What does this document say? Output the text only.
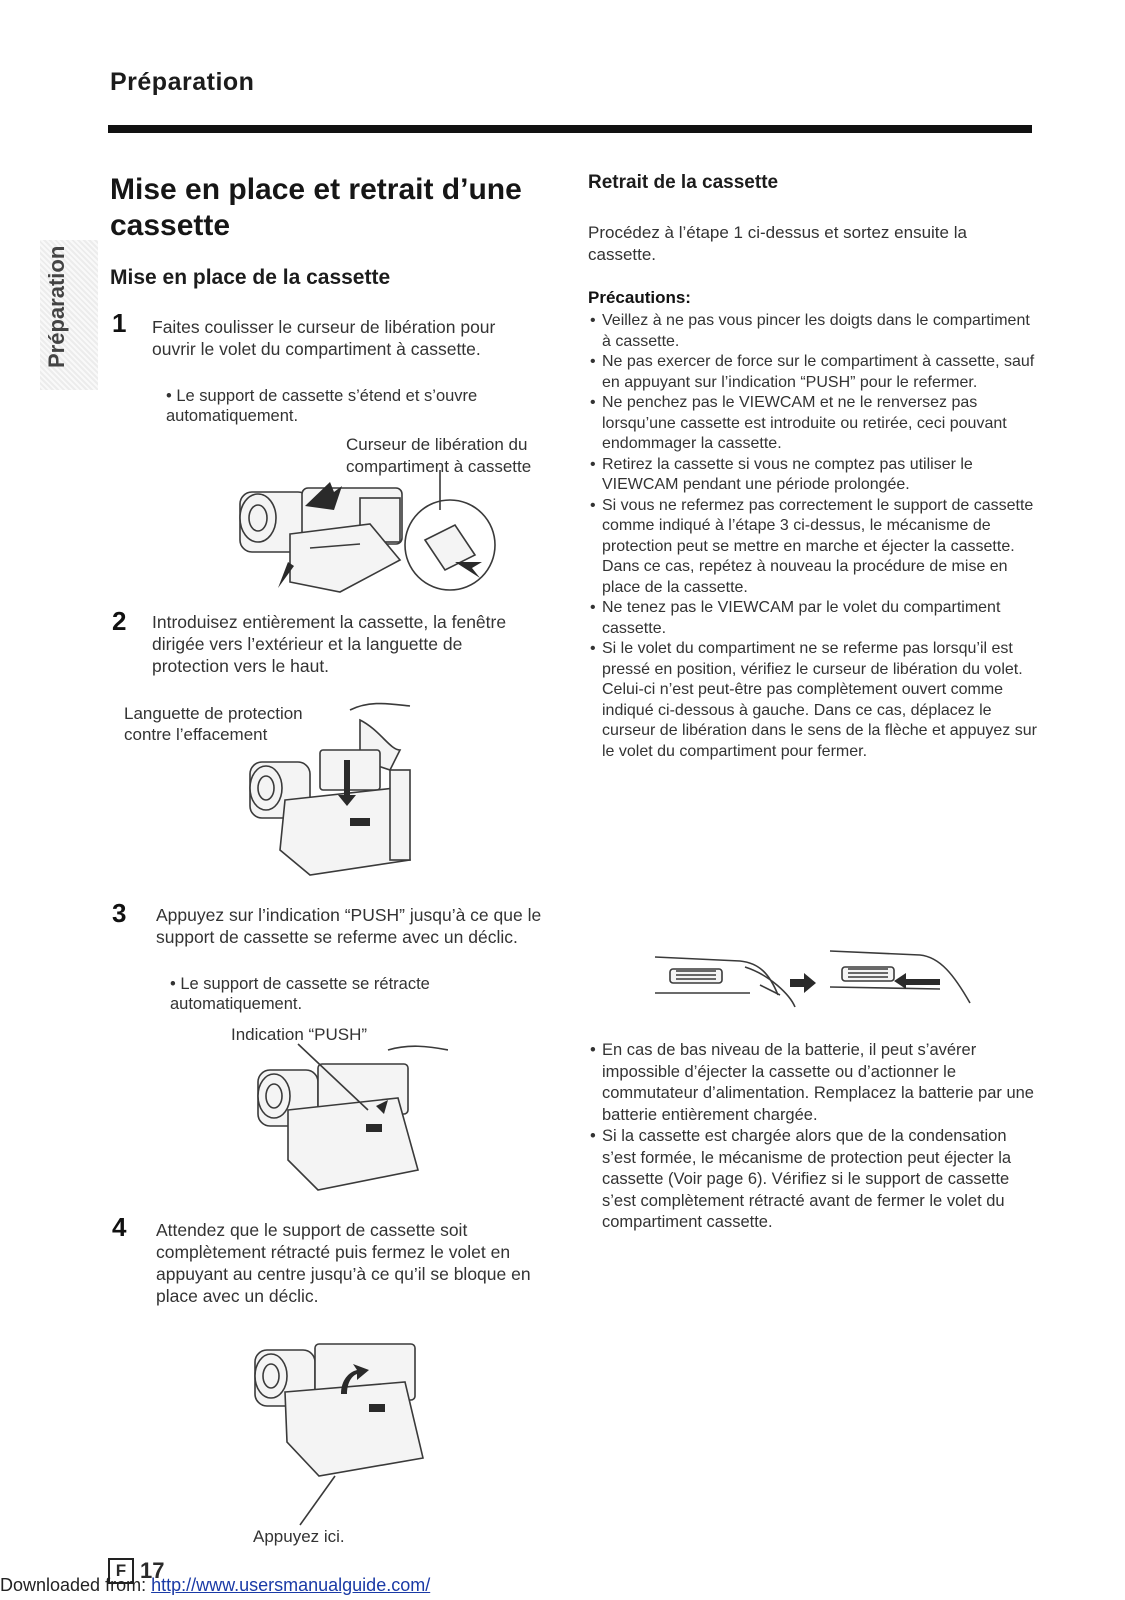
Préparation
Préparation
Mise en place et retrait d’une cassette
Mise en place de la cassette
1 Faites coulisser le curseur de libération pour ouvrir le volet du compartiment à cassette.
• Le support de cassette s’étend et s’ouvre automatiquement.
Curseur de libération du compartiment à cassette
2 Introduisez entièrement la cassette, la fenêtre dirigée vers l’extérieur et la languette de protection vers le haut.
Languette de protection contre l’effacement
3 Appuyez sur l’indication “PUSH” jusqu’à ce que le support de cassette se referme avec un déclic.
• Le support de cassette se rétracte automatiquement.
Indication “PUSH”
4 Attendez que le support de cassette soit complètement rétracté puis fermez le volet en appuyant au centre jusqu’à ce qu’il se bloque en place avec un déclic.
Appuyez ici.
Retrait de la cassette
Procédez à l’étape 1 ci-dessus et sortez ensuite la cassette.
Précautions:
• Veillez à ne pas vous pincer les doigts dans le compartiment à cassette.
• Ne pas exercer de force sur le compartiment à cassette, sauf en appuyant sur l’indication “PUSH” pour le refermer.
• Ne penchez pas le VIEWCAM et ne le renversez pas lorsqu’une cassette est introduite ou retirée, ceci pouvant endommager la cassette.
• Retirez la cassette si vous ne comptez pas utiliser le VIEWCAM pendant une période prolongée.
• Si vous ne refermez pas correctement le support de cassette comme indiqué à l’étape 3 ci-dessus, le mécanisme de protection peut se mettre en marche et éjecter la cassette. Dans ce cas, repétez à nouveau la procédure de mise en place de la cassette.
• Ne tenez pas le VIEWCAM par le volet du compartiment cassette.
• Si le volet du compartiment ne se referme pas lorsqu’il est pressé en position, vérifiez le curseur de libération du volet. Celui-ci n’est peut-être pas complètement ouvert comme indiqué ci-dessous à gauche. Dans ce cas, déplacez le curseur de libération dans le sens de la flèche et appuyez sur le volet du compartiment pour fermer.
• En cas de bas niveau de la batterie, il peut s’avérer impossible d’éjecter la cassette ou d’actionner le commutateur d’alimentation. Remplacez la batterie par une batterie entièrement chargée.
• Si la cassette est chargée alors que de la condensation s’est formée, le mécanisme de protection peut éjecter la cassette (Voir page 6). Vérifiez si le support de cassette s’est complètement rétracté avant de fermer le volet du compartiment cassette.
F 17
Downloaded from: http://www.usersmanualguide.com/
